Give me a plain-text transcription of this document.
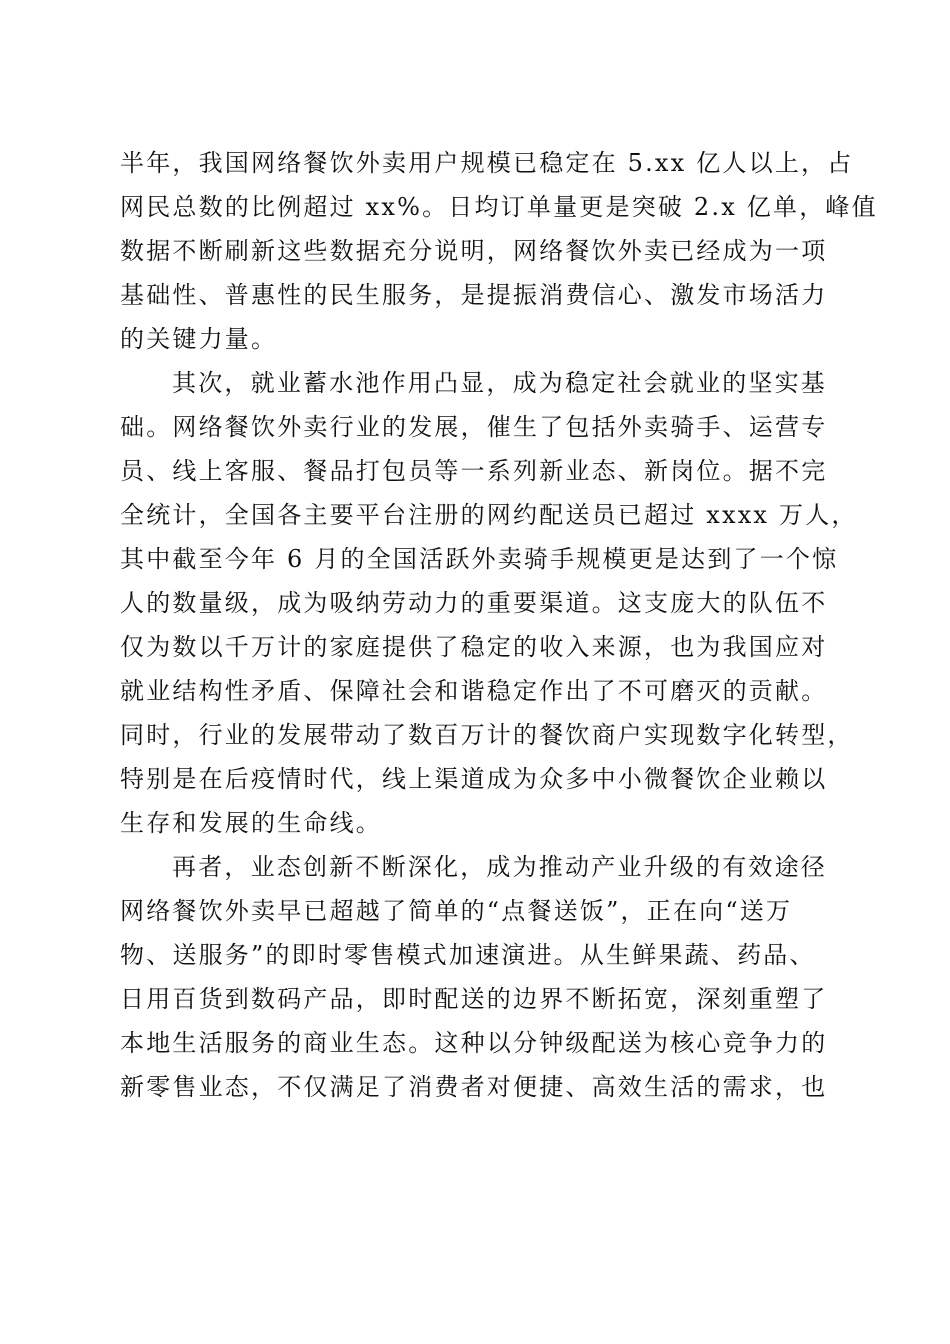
半年，我国网络餐饮外卖用户规模已稳定在 5.xx 亿人以上，占
网民总数的比例超过 xx%。日均订单量更是突破 2.x 亿单，峰值
数据不断刷新这些数据充分说明，网络餐饮外卖已经成为一项
基础性、普惠性的民生服务，是提振消费信心、激发市场活力
的关键力量。
其次，就业蓄水池作用凸显，成为稳定社会就业的坚实基
础。网络餐饮外卖行业的发展，催生了包括外卖骑手、运营专
员、线上客服、餐品打包员等一系列新业态、新岗位。据不完
全统计，全国各主要平台注册的网约配送员已超过 xxxx 万人，
其中截至今年 6 月的全国活跃外卖骑手规模更是达到了一个惊
人的数量级，成为吸纳劳动力的重要渠道。这支庞大的队伍不
仅为数以千万计的家庭提供了稳定的收入来源，也为我国应对
就业结构性矛盾、保障社会和谐稳定作出了不可磨灭的贡献。
同时，行业的发展带动了数百万计的餐饮商户实现数字化转型，
特别是在后疫情时代，线上渠道成为众多中小微餐饮企业赖以
生存和发展的生命线。
再者，业态创新不断深化，成为推动产业升级的有效途径
网络餐饮外卖早已超越了简单的“点餐送饭”，正在向“送万
物、送服务”的即时零售模式加速演进。从生鲜果蔬、药品、
日用百货到数码产品，即时配送的边界不断拓宽，深刻重塑了
本地生活服务的商业生态。这种以分钟级配送为核心竞争力的
新零售业态，不仅满足了消费者对便捷、高效生活的需求，也
